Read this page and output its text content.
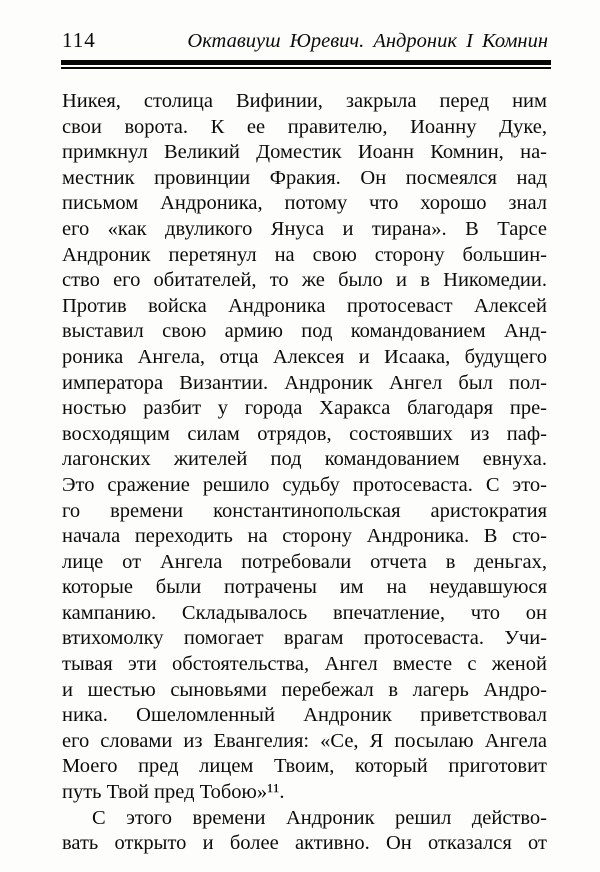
114	Октавиуш Юревич. Андроник I Комнин
Никея, столица Вифинии, закрыла перед ним
свои ворота. К ее правителю, Иоанну Дуке,
примкнул Великий Доместик Иоанн Комнин, на-
местник провинции Фракия. Он посмеялся над
письмом Андроника, потому что хорошо знал
его «как двуликого Януса и тирана». В Тарсе
Андроник перетянул на свою сторону большин-
ство его обитателей, то же было и в Никомедии.
Против войска Андроника протосеваст Алексей
выставил свою армию под командованием Анд-
роника Ангела, отца Алексея и Исаака, будущего
императора Византии. Андроник Ангел был пол-
ностью разбит у города Харакса благодаря пре-
восходящим силам отрядов, состоявших из паф-
лагонских жителей под командованием евнуха.
Это сражение решило судьбу протосеваста. С это-
го времени константинопольская аристократия
начала переходить на сторону Андроника. В сто-
лице от Ангела потребовали отчета в деньгах,
которые были потрачены им на неудавшуюся
кампанию. Складывалось впечатление, что он
втихомолку помогает врагам протосеваста. Учи-
тывая эти обстоятельства, Ангел вместе с женой
и шестью сыновьями перебежал в лагерь Андро-
ника. Ошеломленный Андроник приветствовал
его словами из Евангелия: «Се, Я посылаю Ангела
Моего пред лицем Твоим, который приготовит
путь Твой пред Тобою»¹¹.
С этого времени Андроник решил действо-
вать открыто и более активно. Он отказался от
